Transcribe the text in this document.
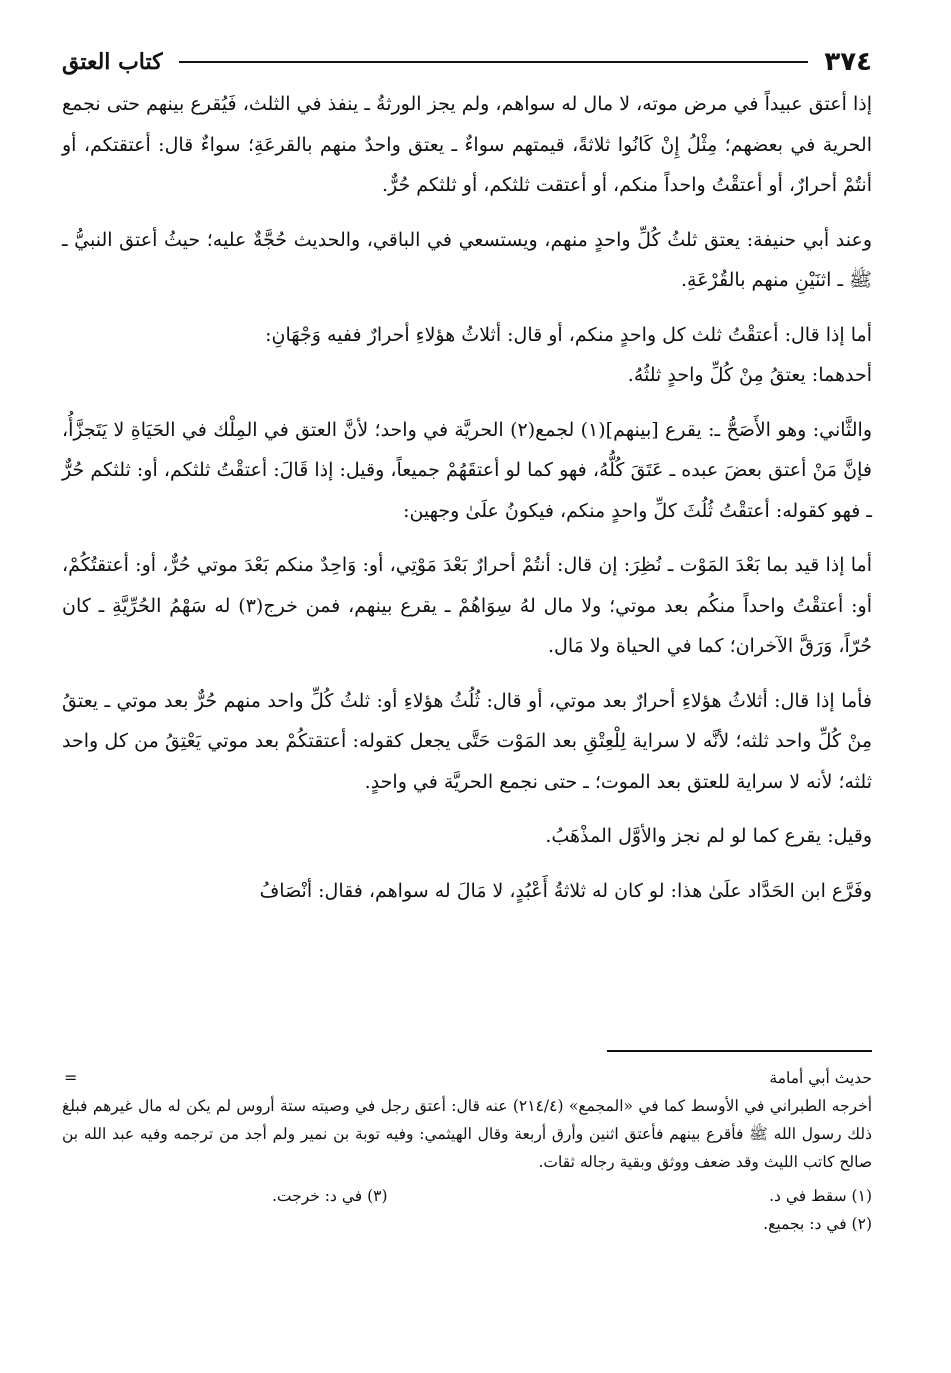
٣٧٤
كتاب العتق

إذا أعتق عبيداً في مرض موته، لا مال له سواهم، ولم يجز الورثةُ ـ ينفذ في الثلث، فَيُقرع بينهم حتى نجمع الحرية في بعضهم؛ مِثْلُ إِنْ كَانُوا ثلاثةً، قيمتهم سواءٌ ـ يعتق واحدٌ منهم بالقرعَةِ؛ سواءٌ قال: أعتقتكم، أو أنتُمْ أحرارٌ، أو أعتقْتُ واحداً منكم، أو أعتقت ثلثكم، أو ثلثكم حُرٌّ.

وعند أبي حنيفة: يعتق ثلثُ كُلِّ واحدٍ منهم، ويستسعي في الباقي، والحديث حُجَّةٌ عليه؛ حيثُ أعتق النبيُّ ـ ﷺ ـ اثنَيْنِ منهم بالقُرْعَةِ.

أما إذا قال: أعتقْتُ ثلث كل واحدٍ منكم، أو قال: أثلاثُ هؤلاءِ أحرارٌ ففيه وَجْهَانِ:

أحدهما: يعتقُ مِنْ كُلِّ واحدٍ ثلثُهُ.

والثَّاني: وهو الأَصَحُّ ـ: يقرع [بينهم](١) لجمع(٢) الحريَّة في واحد؛ لأنَّ العتق في المِلْك في الحَيَاةِ لا يَتَجزَّأُ، فإنَّ مَنْ أعتق بعضَ عبده ـ عَتَقَ كُلُّهُ، فهو كما لو أعتقَهُمْ جميعاً، وقيل: إذا قَالَ: أعتقْتُ ثلثكم، أو: ثلثكم حُرٌّ ـ فهو كقوله: أعتقْتُ ثُلُثَ كلِّ واحدٍ منكم، فيكونُ علَىٰ وجهين:

أما إذا قيد بما بَعْدَ المَوْت ـ نُظِرَ: إن قال: أنتُمْ أحرارٌ بَعْدَ مَوْتِي، أو: وَاحِدٌ منكم بَعْدَ موتي حُرٌّ، أو: أعتقتُكُمْ، أو: أعتقْتُ واحداً منكُم بعد موتي؛ ولا مال لهُ سِوَاهُمْ ـ يقرع بينهم، فمن خرج(٣) له سَهْمُ الحُرِّيَّةِ ـ كان حُرّاً، وَرَقَّ الآخران؛ كما في الحياة ولا مَال.

فأما إذا قال: أثلاثُ هؤلاءِ أحرارٌ بعد موتي، أو قال: ثُلُثُ هؤلاءِ أو: ثلثُ كُلِّ واحد منهم حُرٌّ بعد موتي ـ يعتقُ مِنْ كُلِّ واحد ثلثه؛ لأنَّه لا سراية لِلْعِتْقِ بعد المَوْت حَتَّى يجعل كقوله: أعتقتكُمْ بعد موتي يَعْتِقُ من كل واحد ثلثه؛ لأنه لا سراية للعتق بعد الموت؛ ـ حتى نجمع الحريَّة في واحدٍ.

وقيل: يقرع كما لو لم نجز والأوَّل المذْهَبُ.

وفَرَّع ابن الحَدَّاد علَىٰ هذا: لو كان له ثلاثةُ أَعْبُدٍ، لا مَالَ له سواهم، فقال: أنْصَافُ

=	حديث أبي أمامة

أخرجه الطبراني في الأوسط كما في «المجمع» (٢١٤/٤) عنه قال: أعتق رجل في وصيته ستة أروس لم يكن له مال غيرهم فبلغ ذلك رسول الله ﷺ فأقرع بينهم فأعتق اثنين وأرق أربعة وقال الهيثمي: وفيه توبة بن نمير ولم أجد من ترجمه وفيه عبد الله بن صالح كاتب الليث وقد ضعف ووثق وبقية رجاله ثقات.

(١) سقط في د.
(٣) في د: خرجت.

(٢) في د: بجميع.
